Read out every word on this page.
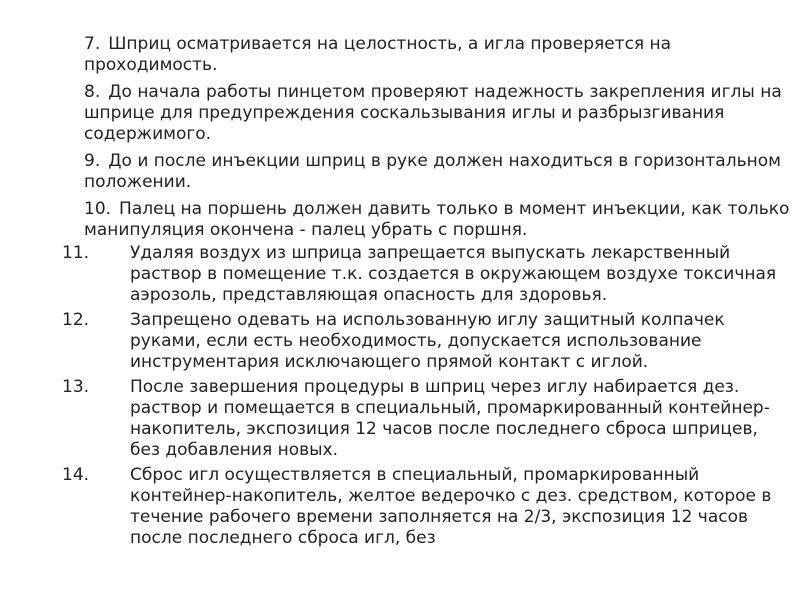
7. Шприц осматривается на целостность, а игла проверяется на проходимость.
8. До начала работы пинцетом проверяют надежность закрепления иглы на шприце для предупреждения соскальзывания иглы и разбрызгивания содержимого.
9. До и после инъекции шприц в руке должен находиться в горизонтальном положении.
10. Палец на поршень должен давить только в момент инъекции, как только манипуляция окончена - палец убрать с поршня.
11.	Удаляя воздух из шприца запрещается выпускать лекарственный раствор в помещение т.к. создается в окружающем воздухе токсичная аэрозоль, представляющая опасность для здоровья.
12.	Запрещено одевать на использованную иглу защитный колпачек руками, если есть необходимость, допускается использование инструментария исключающего прямой контакт с иглой.
13.	После завершения процедуры в шприц через иглу набирается дез. раствор и помещается в специальный, промаркированный контейнер-накопитель, экспозиция 12 часов после последнего сброса шприцев, без добавления новых.
14.	Сброс игл осуществляется в специальный, промаркированный контейнер-накопитель, желтое ведерочко с дез. средством, которое в течение рабочего времени заполняется на 2/3, экспозиция 12 часов после последнего сброса игл, без
